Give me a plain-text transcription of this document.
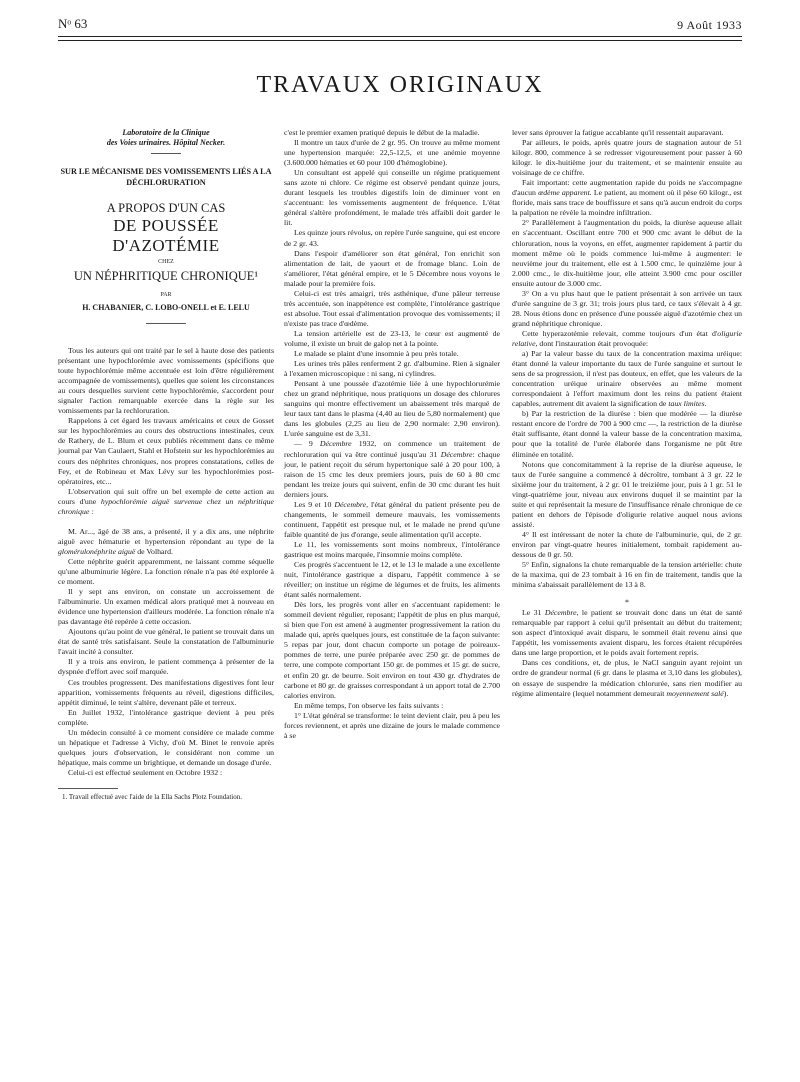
Nᵒ 63	9 Août 1933
TRAVAUX ORIGINAUX

Laboratoire de la Clinique

des Voies urinaires. Hôpital Necker.

SUR LE MÉCANISME DES VOMISSEMENTS LIÉS A LA DÉCHLORURATION

A PROPOS D'UN CAS

DE POUSSÉE D'AZOTÉMIE

CHEZ

UN NÉPHRITIQUE CHRONIQUE¹

PAR

H. CHABANIER, C. LOBO-ONELL et E. LELU

Tous les auteurs qui ont traité par le sel à haute dose des patients présentant une hypochlorémie avec vomissements (spécifions que toute hypochlorémie même accentuée est loin d'être régulièrement accompagnée de vomissements), quelles que soient les circonstances au cours desquelles survient cette hypochlorémie, s'accordent pour signaler l'action remarquable exercée dans la règle sur les vomissements par la rechloruration.

Rappelons à cet égard les travaux américains et ceux de Gosset sur les hypochlorémies au cours des obstructions intestinales, ceux de Rathery, de L. Blum et ceux publiés récemment dans ce même journal par Van Caulaert, Stahl et Hofstein sur les hypochlorémies au cours des néphrites chroniques, nos propres constatations, celles de Fey, et de Robineau et Max Lévy sur les hypochlorémies post-opératoires, etc...

L'observation qui suit offre un bel exemple de cette action au cours d'une hypochlorémie aiguë survenue chez un néphritique chronique :

M. Ar..., âgé de 38 ans, a présenté, il y a dix ans, une néphrite aiguë avec hématurie et hypertension répondant au type de la glomérulonéphrite aiguë de Volhard.

Cette néphrite guérit apparemment, ne laissant comme séquelle qu'une albuminurie légère. La fonction rénale n'a pas été explorée à ce moment.

Il y sept ans environ, on constate un accroissement de l'albuminurie. Un examen médical alors pratiqué met à nouveau en évidence une hypertension d'ailleurs modérée. La fonction rénale n'a pas davantage été repérée à cette occasion.

Ajoutons qu'au point de vue général, le patient se trouvait dans un état de santé très satisfaisant. Seule la constatation de l'albuminurie l'avait incité à consulter.

Il y a trois ans environ, le patient commença à présenter de la dyspnée d'effort avec soif marquée.

Ces troubles progressent. Des manifestations digestives font leur apparition, vomissements fréquents au réveil, digestions difficiles, appétit diminué, le teint s'altère, devenant pâle et terreux.

En Juillet 1932, l'intolérance gastrique devient à peu près complète.

Un médecin consulté à ce moment considère ce malade comme un hépatique et l'adresse à Vichy, d'où M. Binet le renvoie après quelques jours d'observation, le considérant non comme un hépatique, mais comme un brightique, et demande un dosage d'urée.

Celui-ci est effectué seulement en Octobre 1932 :

1. Travail effectué avec l'aide de la Ella Sachs Plotz Foundation.

c'est le premier examen pratiqué depuis le début de la maladie.

Il montre un taux d'urée de 2 gr. 95. On trouve au même moment une hypertension marquée: 22,5-12,5, et une anémie moyenne (3.600.000 hématies et 60 pour 100 d'hémoglobine).

Un consultant est appelé qui conseille un régime pratiquement sans azote ni chlore. Ce régime est observé pendant quinze jours, durant lesquels les troubles digestifs loin de diminuer vont en s'accentuant: les vomissements augmentent de fréquence. L'état général s'altère profondément, le malade très affaibli doit garder le lit.

Les quinze jours révolus, on repère l'urée sanguine, qui est encore de 2 gr. 43.

Dans l'espoir d'améliorer son état général, l'on enrichit son alimentation de lait, de yaourt et de fromage blanc. Loin de s'améliorer, l'état général empire, et le 5 Décembre nous voyons le malade pour la première fois.

Celui-ci est très amaigri, très asthénique, d'une pâleur terreuse très accentuée, son inappétence est complète, l'intolérance gastrique est absolue. Tout essai d'alimentation provoque des vomissements; il n'existe pas trace d'œdème.

La tension artérielle est de 23-13, le cœur est augmenté de volume, il existe un bruit de galop net à la pointe.

Le malade se plaint d'une insomnie à peu près totale.

Les urines très pâles renferment 2 gr. d'albumine. Rien à signaler à l'examen microscopique : ni sang, ni cylindres.

Pensant à une poussée d'azotémie liée à une hypochlorurémie chez un grand néphritique, nous pratiquons un dosage des chlorures sanguins qui montre effectivement un abaissement très marqué de leur taux tant dans le plasma (4,40 au lieu de 5,80 normalement) que dans les globules (2,25 au lieu de 2,90 normale: 2,90 environ). L'urée sanguine est de 3,31.

— 9 Décembre 1932, on commence un traitement de rechloruration qui va être continué jusqu'au 31 Décembre: chaque jour, le patient reçoit du sérum hypertonique salé à 20 pour 100, à raison de 15 cmc les deux premiers jours, puis de 60 à 80 cmc pendant les treize jours qui suivent, enfin de 30 cmc durant les huit derniers jours.

Les 9 et 10 Décembre, l'état général du patient présente peu de changements, le sommeil demeure mauvais, les vomissements continuent, l'appétit est presque nul, et le malade ne prend qu'une faible quantité de jus d'orange, seule alimentation qu'il accepte.

Le 11, les vomissements sont moins nombreux, l'intolérance gastrique est moins marquée, l'insomnie moins complète.

Ces progrès s'accentuent le 12, et le 13 le malade a une excellente nuit, l'intolérance gastrique a disparu, l'appétit commence à se réveiller; on institue un régime de légumes et de fruits, les aliments étant salés normalement.

Dès lors, les progrès vont aller en s'accentuant rapidement: le sommeil devient régulier, reposant; l'appétit de plus en plus marqué, si bien que l'on est amené à augmenter progressivement la ration du malade qui, après quelques jours, est constituée de la façon suivante: 5 repas par jour, dont chacun comporte un potage de poireaux-pommes de terre, une purée préparée avec 250 gr. de pommes de terre, une compote comportant 150 gr. de pommes et 15 gr. de sucre, et enfin 20 gr. de beurre. Soit environ en tout 430 gr. d'hydrates de carbone et 80 gr. de graisses correspondant à un apport total de 2.700 calories environ.

En même temps, l'on observe les faits suivants :

1° L'état général se transforme: le teint devient clair, peu à peu les forces reviennent, et après une dizaine de jours le malade commence à se

lever sans éprouver la fatigue accablante qu'il ressentait auparavant.

Par ailleurs, le poids, après quatre jours de stagnation autour de 51 kilogr. 800, commence à se redresser vigoureusement pour passer à 60 kilogr. le dix-huitième jour du traitement, et se maintenir ensuite au voisinage de ce chiffre.

Fait important: cette augmentation rapide du poids ne s'accompagne d'aucun œdème apparent. Le patient, au moment où il pèse 60 kilogr., est floride, mais sans trace de bouffissure et sans qu'à aucun endroit du corps la palpation ne révèle la moindre infiltration.

2° Parallèlement à l'augmentation du poids, la diurèse aqueuse allait en s'accentuant. Oscillant entre 700 et 900 cmc avant le début de la chloruration, nous la voyons, en effet, augmenter rapidement à partir du moment même où le poids commence lui-même à augmenter: le neuvième jour du traitement, elle est à 1.500 cmc, le quinzième jour à 2.000 cmc., le dix-huitième jour, elle atteint 3.900 cmc pour osciller ensuite autour de 3.000 cmc.

3° On a vu plus haut que le patient présentait à son arrivée un taux d'urée sanguine de 3 gr. 31; trois jours plus tard, ce taux s'élevait à 4 gr. 28. Nous étions donc en présence d'une poussée aiguë d'azotémie chez un grand néphritique chronique.

Cette hyperazotémie relevait, comme toujours d'un état d'oligurie relative, dont l'instauration était provoquée:

a) Par la valeur basse du taux de la concentration maxima uréique: étant donné la valeur importante du taux de l'urée sanguine et surtout le sens de sa progression, il n'est pas douteux, en effet, que les valeurs de la concentration uréique urinaire observées au même moment correspondaient à l'effort maximum dont les reins du patient étaient capables, autrement dit avaient la signification de taux limites.

b) Par la restriction de la diurèse : bien que modérée — la diurèse restant encore de l'ordre de 700 à 900 cmc —, la restriction de la diurèse était suffisante, étant donné la valeur basse de la concentration maxima, pour que la totalité de l'urée élaborée dans l'organisme ne pût être éliminée en totalité.

Notons que concomitamment à la reprise de la diurèse aqueuse, le taux de l'urée sanguine a commencé à décroître, tombant à 3 gr. 22 le sixième jour du traitement, à 2 gr. 01 le treizième jour, puis à 1 gr. 51 le vingt-quatrième jour, niveau aux environs duquel il se maintint par la suite et qui représentait la mesure de l'insuffisance rénale chronique de ce patient en dehors de l'épisode d'oligurie relative auquel nous avions assisté.

4° Il est intéressant de noter la chute de l'albuminurie, qui, de 2 gr. environ par vingt-quatre heures initialement, tombait rapidement au-dessous de 0 gr. 50.

5° Enfin, signalons la chute remarquable de la tension artérielle: chute de la maxima, qui de 23 tombait à 16 en fin de traitement, tandis que la minima s'abaissait parallèlement de 13 à 8.

*

Le 31 Décembre, le patient se trouvait donc dans un état de santé remarquable par rapport à celui qu'il présentait au début du traitement; son aspect d'intoxiqué avait disparu, le sommeil était revenu ainsi que l'appétit, les vomissements avaient disparu, les forces étaient récupérées dans une large proportion, et le poids avait fortement repris.

Dans ces conditions, et, de plus, le NaCl sanguin ayant rejoint un ordre de grandeur normal (6 gr. dans le plasma et 3,10 dans les globules), on essaye de suspendre la médication chlorurée, sans rien modifier au régime alimentaire (lequel notamment demeurait moyennement salé).
